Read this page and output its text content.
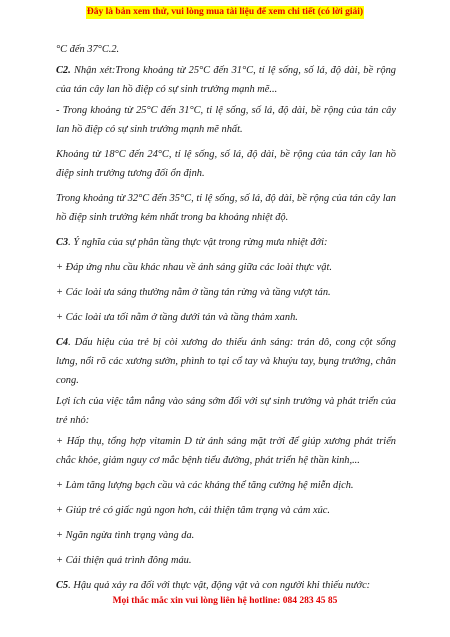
Đây là bản xem thử, vui lòng mua tài liệu để xem chi tiết (có lời giải)

°C đến 37°C.2.

C2. Nhận xét:Trong khoảng từ 25°C đến 31°C, tỉ lệ sống, số lá, độ dài, bề rộng của tán cây lan hồ điệp có sự sinh trưởng mạnh mẽ...

- Trong khoảng từ 25°C đến 31°C, tỉ lệ sống, số lá, độ dài, bề rộng của tán cây lan hồ điệp có sự sinh trưởng mạnh mẽ nhất.

Khoảng từ 18°C đến 24°C, tỉ lệ sống, số lá, độ dài, bề rộng của tán cây lan hồ điệp sinh trưởng tương đối ổn định.

Trong khoảng từ 32°C đến 35°C, tỉ lệ sống, số lá, độ dài, bề rộng của tán cây lan hồ điệp sinh trưởng kém nhất trong ba khoảng nhiệt độ.

C3. Ý nghĩa của sự phân tầng thực vật trong rừng mưa nhiệt đới:

+ Đáp ứng nhu cầu khác nhau về ánh sáng giữa các loài thực vật.

+ Các loài ưa sáng thường nằm ở tầng tán rừng và tầng vượt tán.

+ Các loài ưa tối nằm ở tầng dưới tán và tầng thảm xanh.

C4. Dấu hiệu của trẻ bị còi xương do thiếu ánh sáng: trán dô, cong cột sống lưng, nổi rõ các xương sườn, phình to tại cổ tay và khuỷu tay, bụng trướng, chân cong.

Lợi ích của việc tắm nắng vào sáng sớm đối với sự sinh trưởng và phát triển của trẻ nhỏ:

+ Hấp thụ, tổng hợp vitamin D từ ánh sáng mặt trời để giúp xương phát triển chắc khỏe, giảm nguy cơ mắc bệnh tiểu đường, phát triển hệ thần kinh,...

+ Làm tăng lượng bạch cầu và các kháng thể tăng cường hệ miễn dịch.

+ Giúp trẻ có giấc ngủ ngon hơn, cải thiện tâm trạng và cảm xúc.

+ Ngăn ngừa tình trạng vàng da.

+ Cải thiện quá trình đông máu.

C5. Hậu quả xảy ra đối với thực vật, động vật và con người khi thiếu nước:

Mọi thắc mắc xin vui lòng liên hệ hotline: 084 283 45 85
